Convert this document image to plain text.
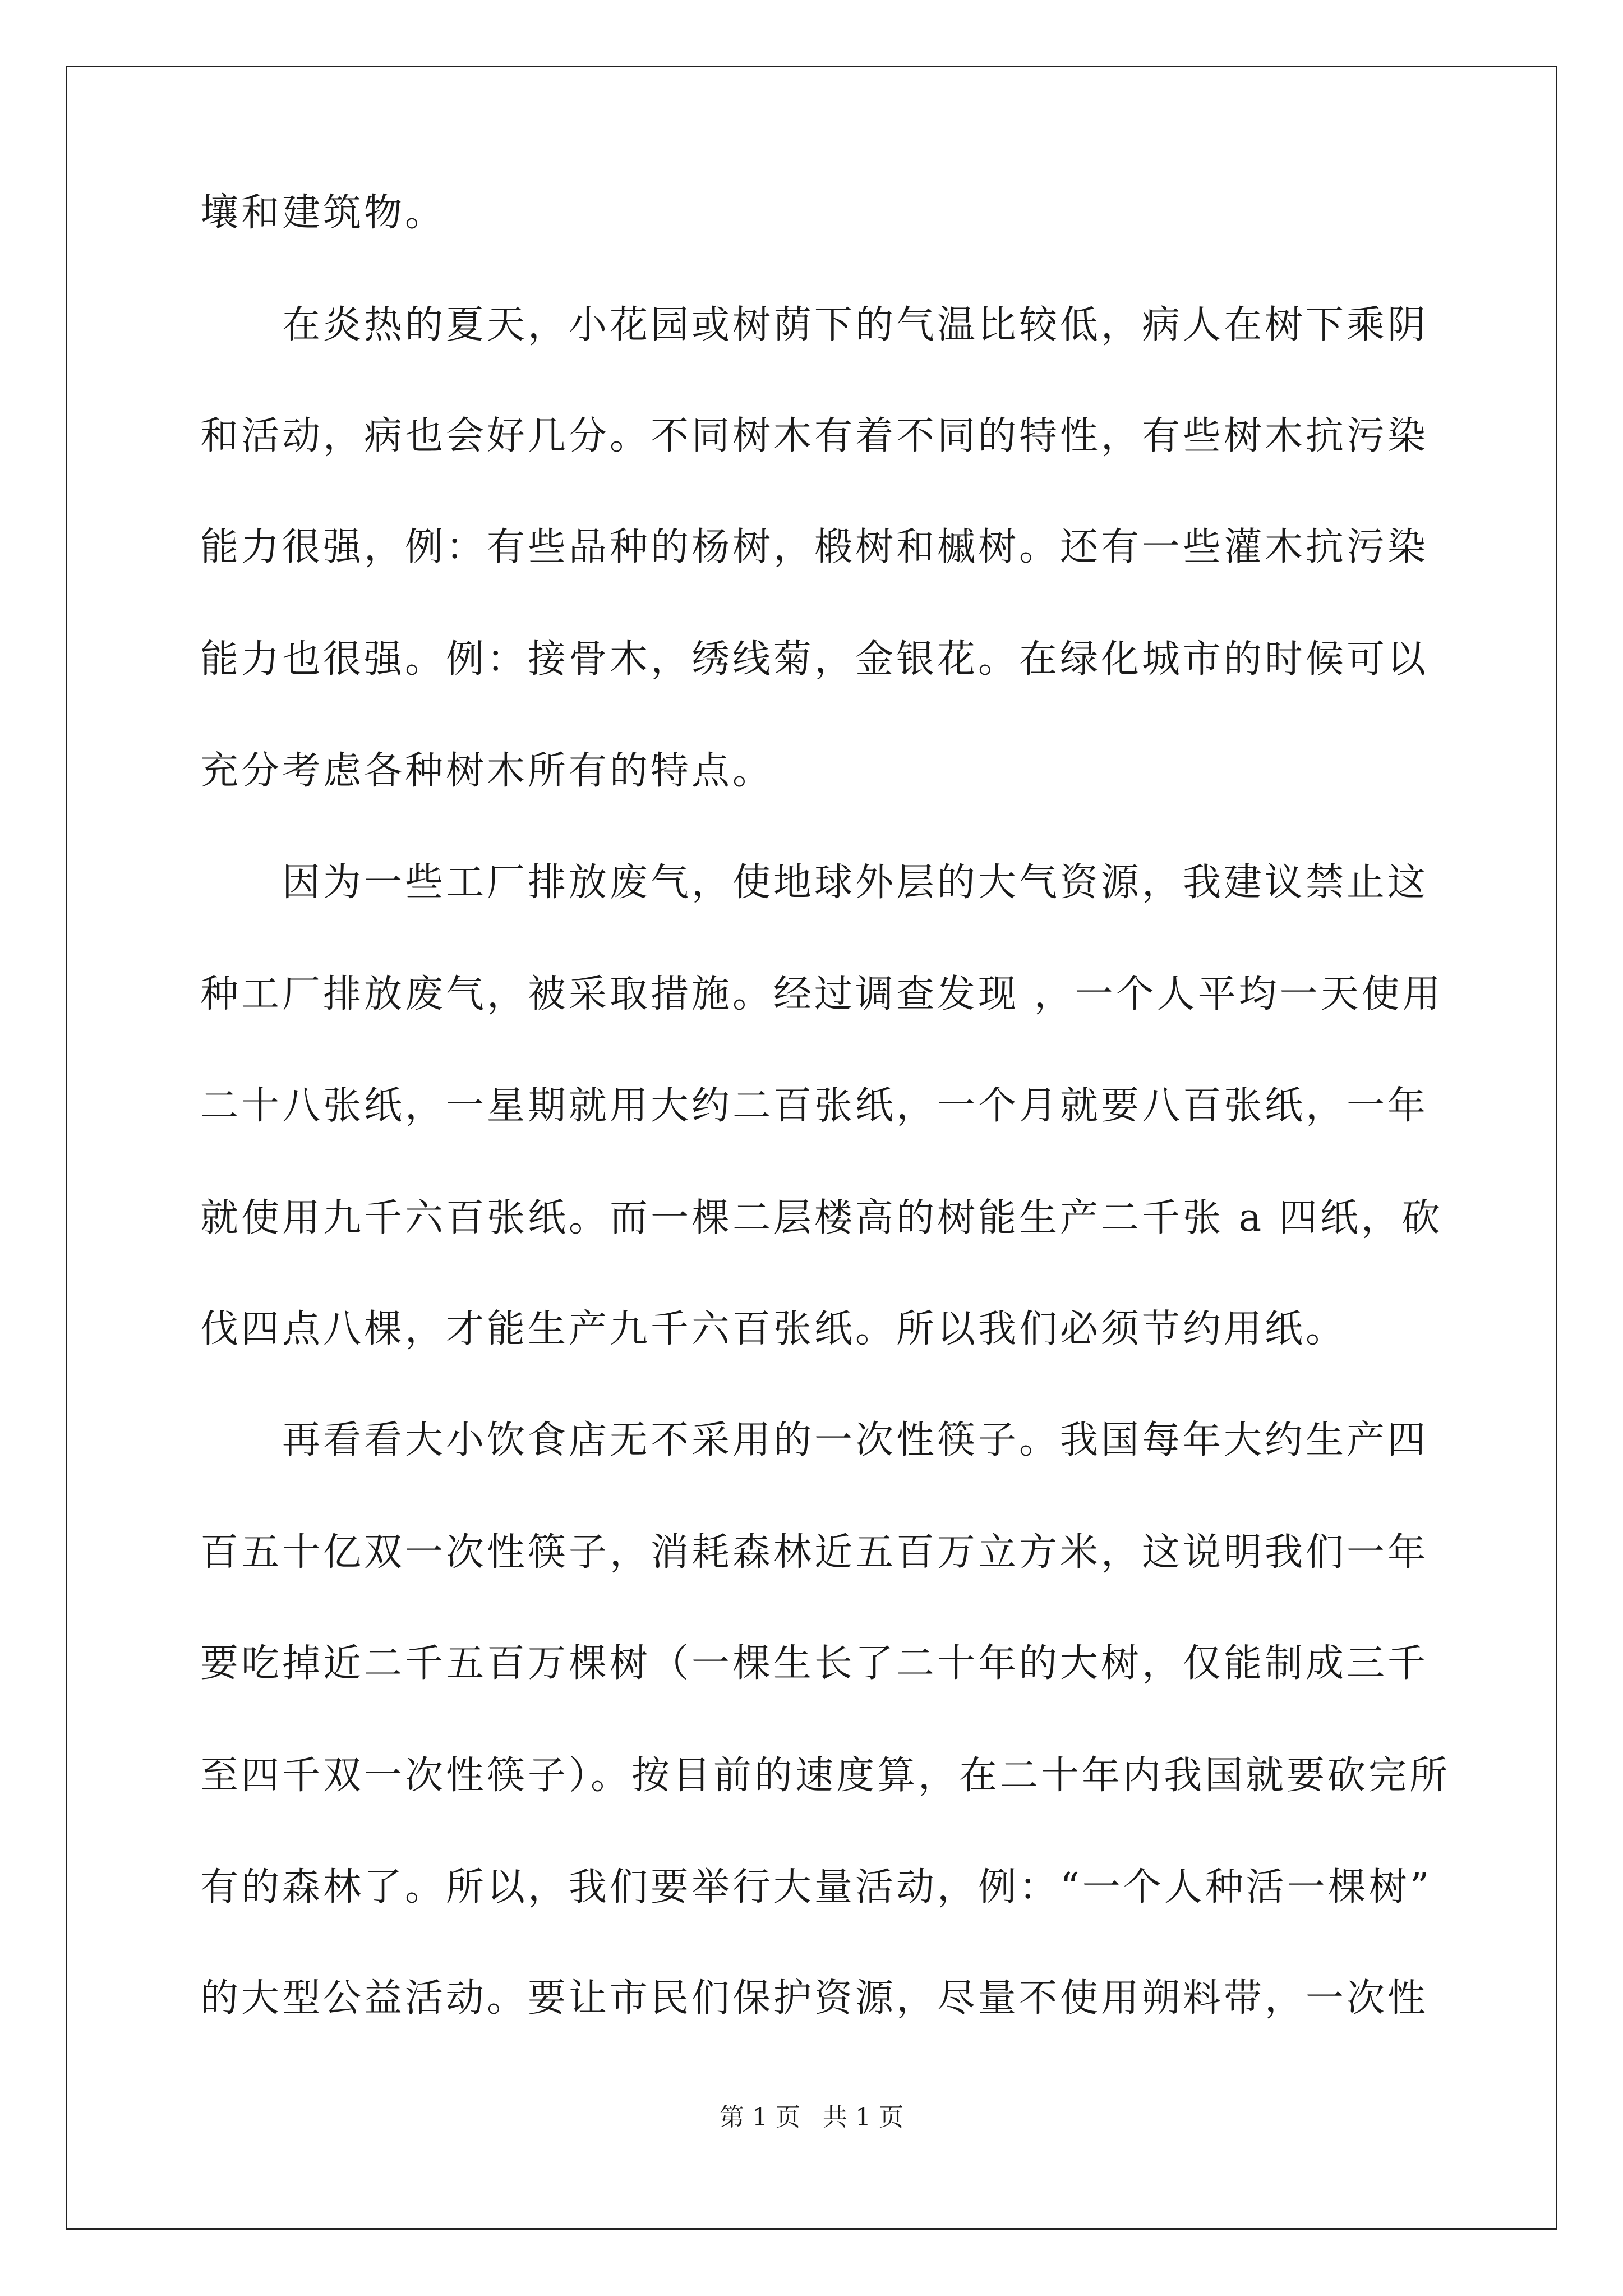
壤和建筑物。
在炎热的夏天，小花园或树荫下的气温比较低，病人在树下乘阴
和活动，病也会好几分。不同树木有着不同的特性，有些树木抗污染
能力很强，例：有些品种的杨树，椴树和槭树。还有一些灌木抗污染
能力也很强。例：接骨木，绣线菊，金银花。在绿化城市的时候可以
充分考虑各种树木所有的特点。
因为一些工厂排放废气，使地球外层的大气资源，我建议禁止这
种工厂排放废气，被采取措施。经过调查发现 ，一个人平均一天使用
二十八张纸，一星期就用大约二百张纸，一个月就要八百张纸，一年
就使用九千六百张纸。而一棵二层楼高的树能生产二千张 a 四纸，砍
伐四点八棵，才能生产九千六百张纸。所以我们必须节约用纸。
再看看大小饮食店无不采用的一次性筷子。我国每年大约生产四
百五十亿双一次性筷子，消耗森林近五百万立方米，这说明我们一年
要吃掉近二千五百万棵树（一棵生长了二十年的大树，仅能制成三千
至四千双一次性筷子）。按目前的速度算，在二十年内我国就要砍完所
有的森林了。所以，我们要举行大量活动，例：“一个人种活一棵树”
的大型公益活动。要让市民们保护资源，尽量不使用朔料带，一次性
第 1 页 共 1 页
